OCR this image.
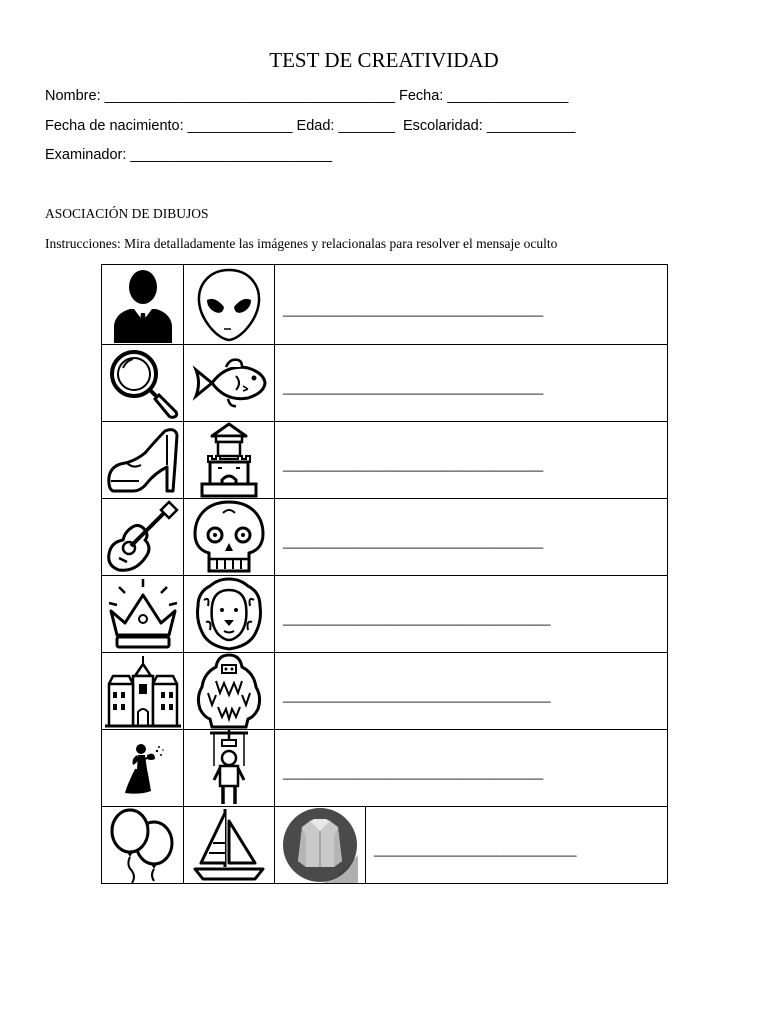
TEST DE CREATIVIDAD
Nombre: ____________________________________ Fecha: _______________
Fecha de nacimiento: _____________ Edad: _______  Escolaridad: ___________
Examinador: _________________________
ASOCIACIÓN DE DIBUJOS
Instrucciones: Mira detalladamente las imágenes y relacionalas para resolver el mensaje oculto

____________________________________	

____________________________________	

____________________________________	

____________________________________	

_____________________________________	

_____________________________________	

____________________________________	

____________________________
